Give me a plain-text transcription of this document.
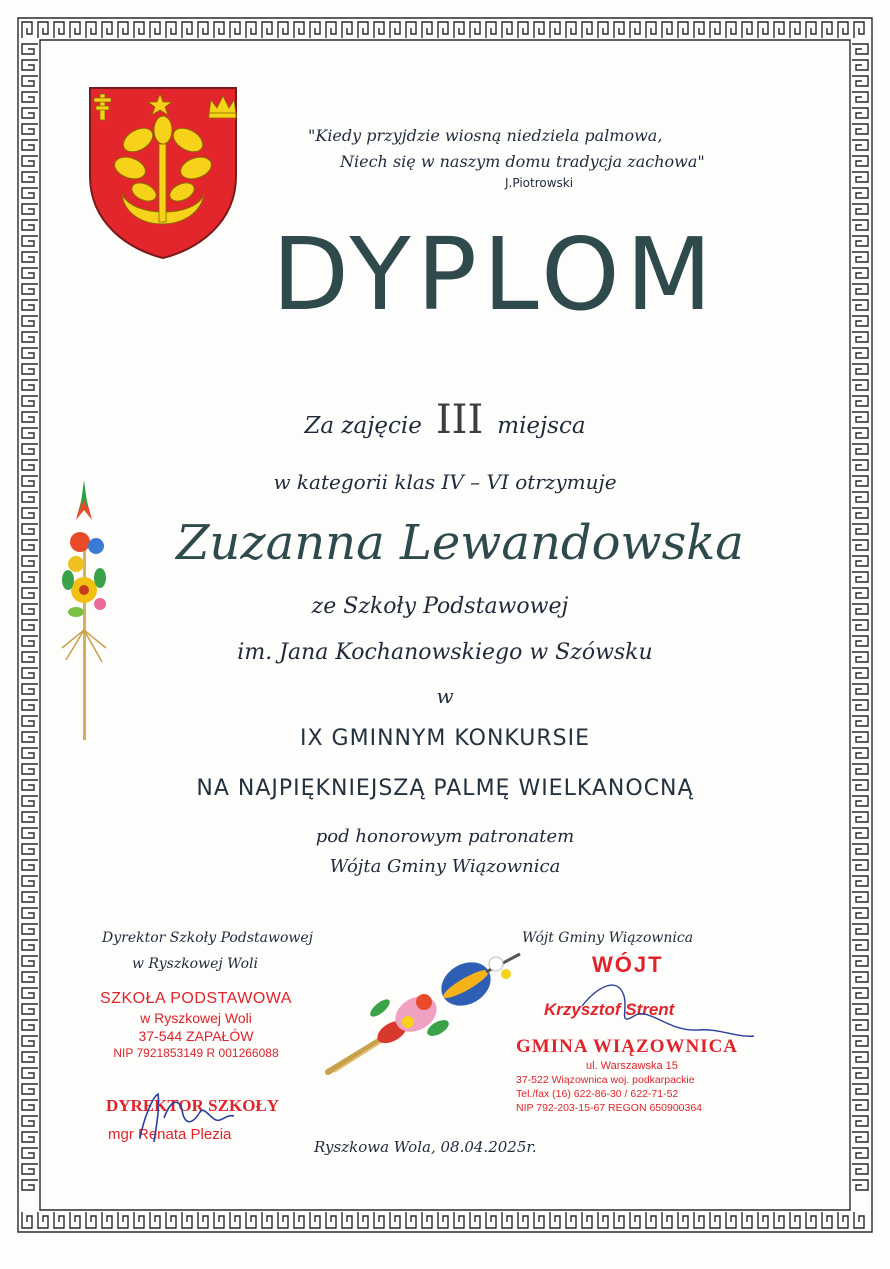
"Kiedy przyjdzie wiosną niedziela palmowa,
Niech się w naszym domu tradycja zachowa"
J.Piotrowski
DYPLOM
Za zajęcie III miejsca
w kategorii klas IV – VI otrzymuje
Zuzanna Lewandowska
ze Szkoły Podstawowej
im. Jana Kochanowskiego w Szówsku
w
IX GMINNYM KONKURSIE
NA NAJPIĘKNIEJSZĄ PALMĘ WIELKANOCNĄ
pod honorowym patronatem
Wójta Gminy Wiązownica
Dyrektor Szkoły Podstawowej
w Ryszkowej Woli
SZKOŁA PODSTAWOWA
w Ryszkowej Woli
37-544 ZAPAŁÓW
NIP 7921853149 R 001266088
DYREKTOR SZKOŁY
mgr Renata Plezia
Wójt Gminy Wiązownica
WÓJT
Krzysztof Strent
GMINA WIĄZOWNICA
ul. Warszawska 15
37-522 Wiązownica woj. podkarpackie
Tel./fax (16) 622-86-30 / 622-71-52
NIP 792-203-15-67 REGON 650900364
Ryszkowa Wola, 08.04.2025r.
